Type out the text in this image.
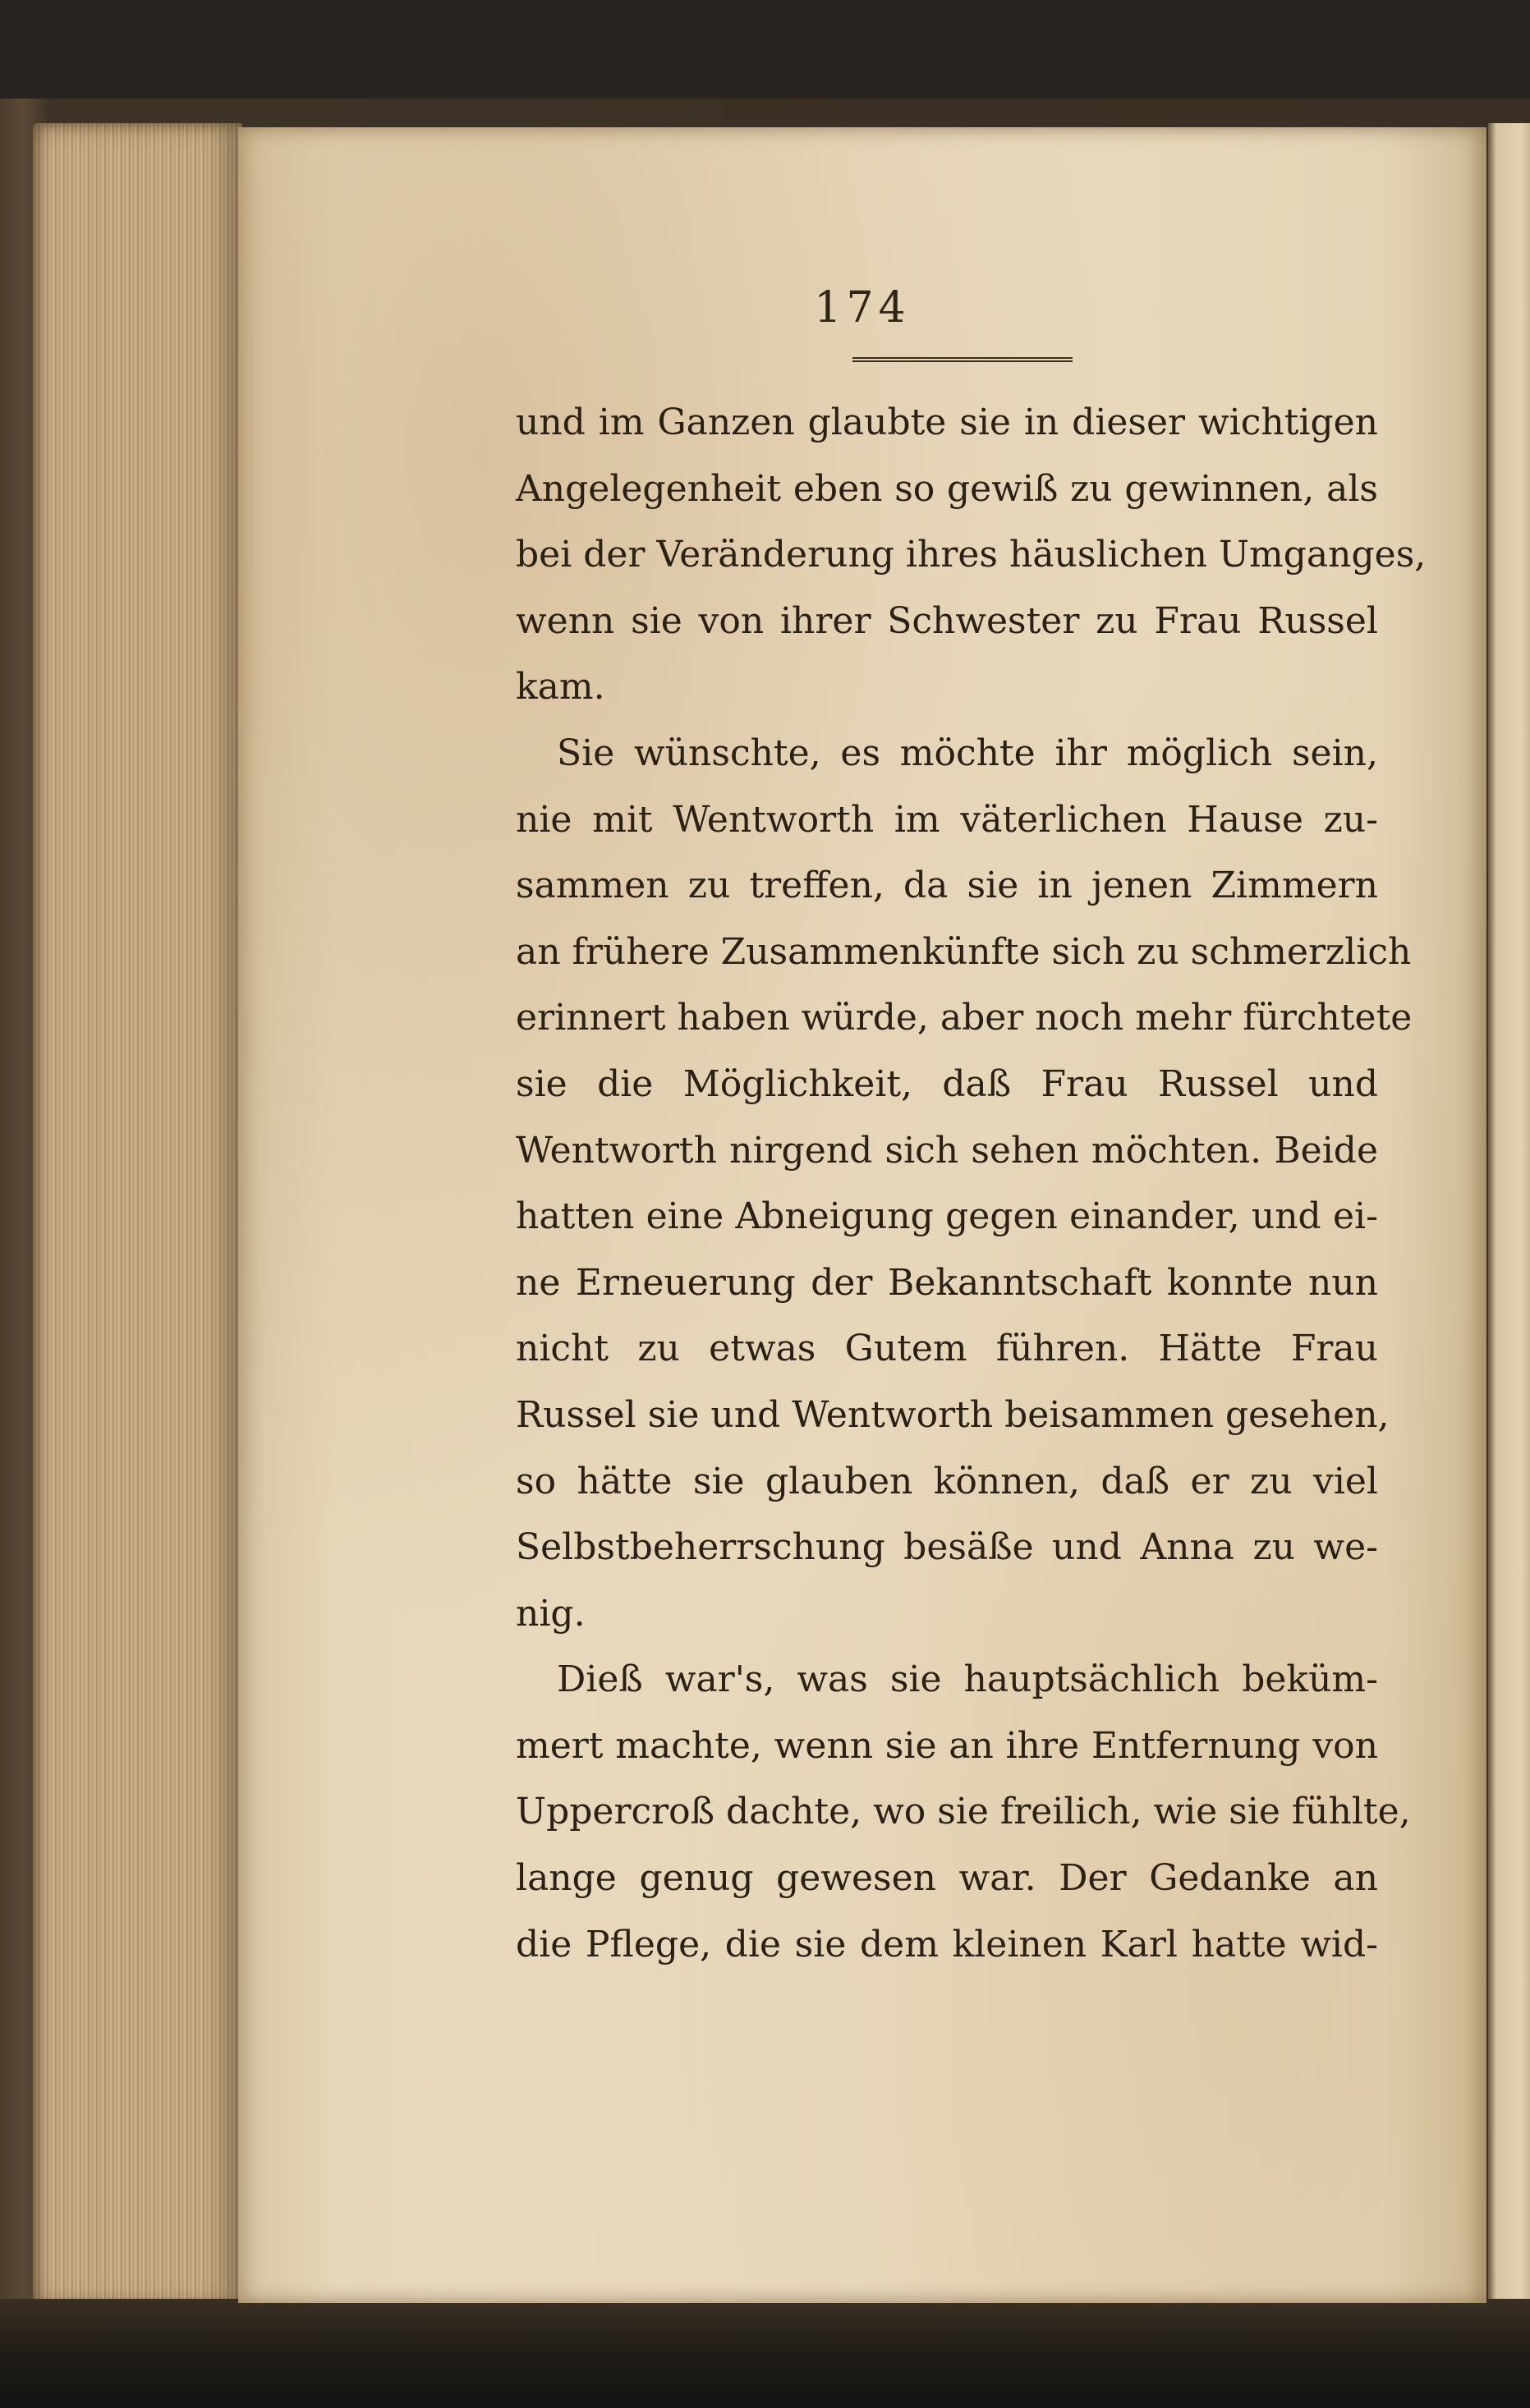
174
und im Ganzen glaubte sie in dieser wichtigen
Angelegenheit eben so gewiß zu gewinnen, als
bei der Veränderung ihres häuslichen Umganges,
wenn sie von ihrer Schwester zu Frau Russel
kam.
Sie wünschte, es möchte ihr möglich sein,
nie mit Wentworth im väterlichen Hause zu-
sammen zu treffen, da sie in jenen Zimmern
an frühere Zusammenkünfte sich zu schmerzlich
erinnert haben würde, aber noch mehr fürchtete
sie die Möglichkeit, daß Frau Russel und
Wentworth nirgend sich sehen möchten. Beide
hatten eine Abneigung gegen einander, und ei-
ne Erneuerung der Bekanntschaft konnte nun
nicht zu etwas Gutem führen. Hätte Frau
Russel sie und Wentworth beisammen gesehen,
so hätte sie glauben können, daß er zu viel
Selbstbeherrschung besäße und Anna zu we-
nig.
Dieß war's, was sie hauptsächlich beküm-
mert machte, wenn sie an ihre Entfernung von
Uppercroß dachte, wo sie freilich, wie sie fühlte,
lange genug gewesen war. Der Gedanke an
die Pflege, die sie dem kleinen Karl hatte wid-
